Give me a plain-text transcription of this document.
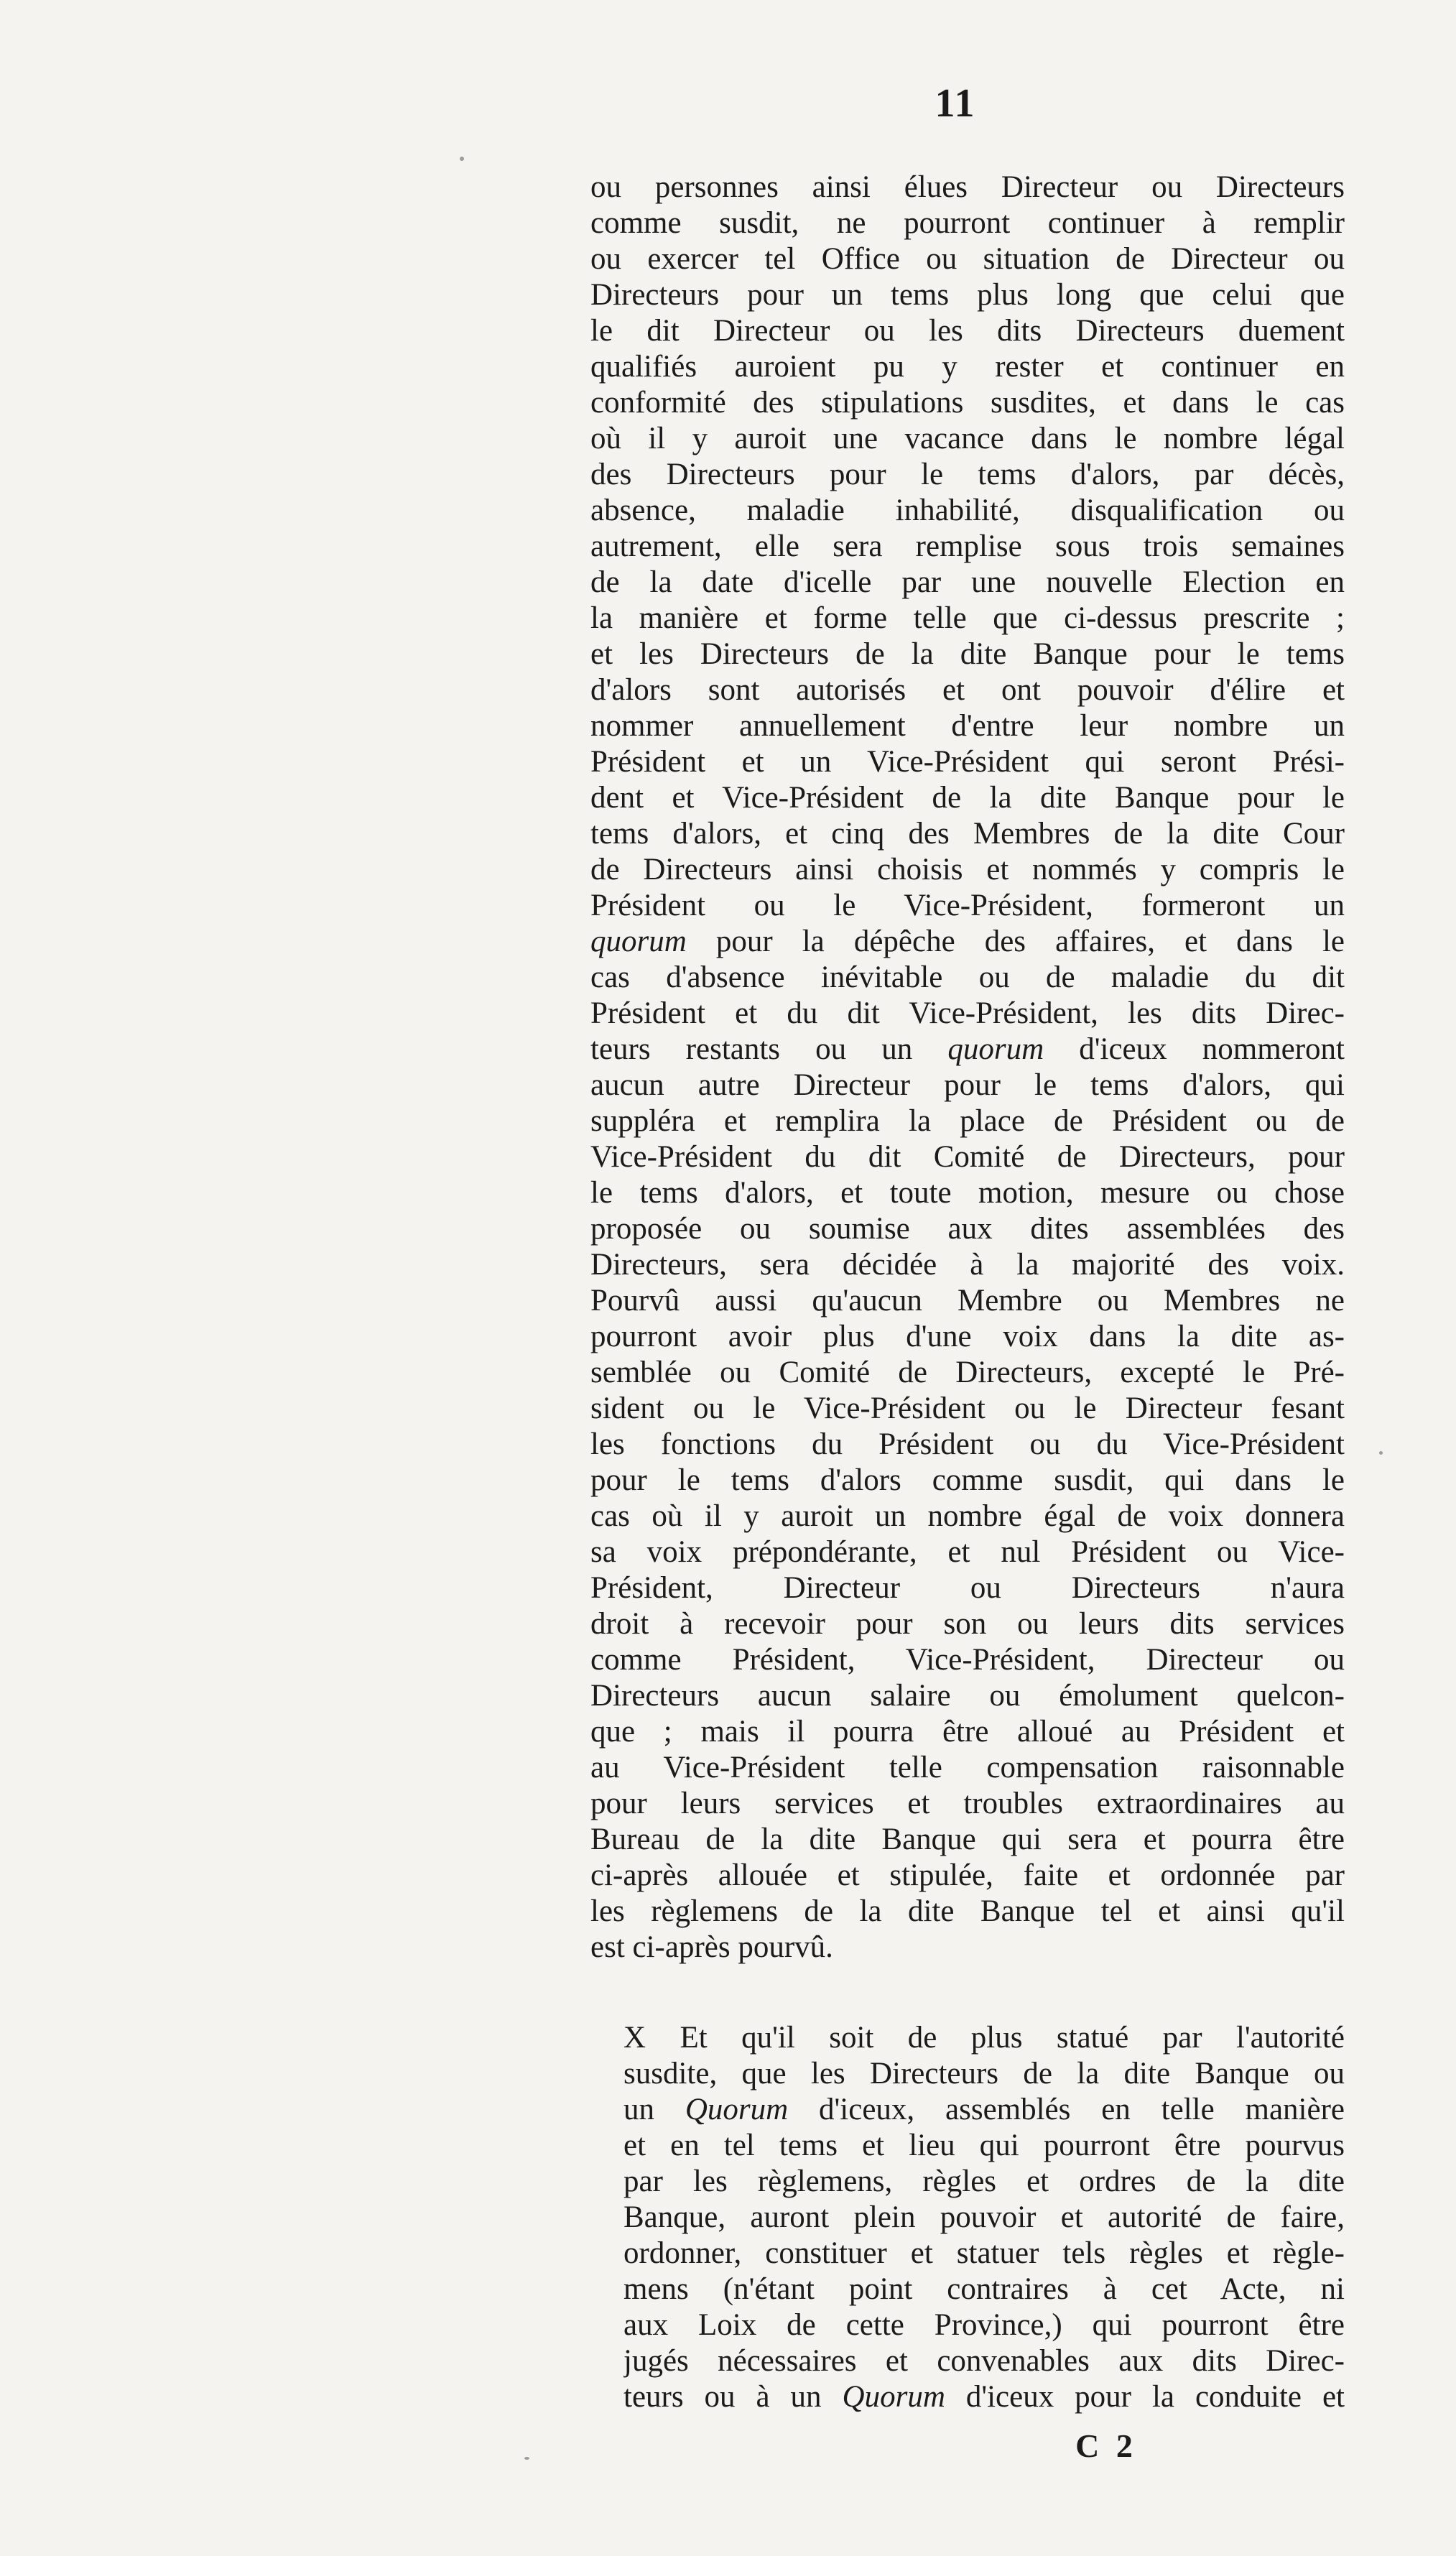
11
ou personnes ainsi élues Directeur ou Directeurs
comme susdit, ne pourront continuer à remplir
ou exercer tel Office ou situation de Directeur ou
Directeurs pour un tems plus long que celui que
le dit Directeur ou les dits Directeurs duement
qualifiés auroient pu y rester et continuer en
conformité des stipulations susdites, et dans le cas
où il y auroit une vacance dans le nombre légal
des Directeurs pour le tems d'alors, par décès,
absence, maladie inhabilité, disqualification ou
autrement, elle sera remplise sous trois semaines
de la date d'icelle par une nouvelle Election en
la manière et forme telle que ci-dessus prescrite ;
et les Directeurs de la dite Banque pour le tems
d'alors sont autorisés et ont pouvoir d'élire et
nommer annuellement d'entre leur nombre un
Président et un Vice-Président qui seront Prési-
dent et Vice-Président de la dite Banque pour le
tems d'alors, et cinq des Membres de la dite Cour
de Directeurs ainsi choisis et nommés y compris le
Président ou le Vice-Président, formeront un
quorum pour la dépêche des affaires, et dans le
cas d'absence inévitable ou de maladie du dit
Président et du dit Vice-Président, les dits Direc-
teurs restants ou un quorum d'iceux nommeront
aucun autre Directeur pour le tems d'alors, qui
suppléra et remplira la place de Président ou de
Vice-Président du dit Comité de Directeurs, pour
le tems d'alors, et toute motion, mesure ou chose
proposée ou soumise aux dites assemblées des
Directeurs, sera décidée à la majorité des voix.
Pourvû aussi qu'aucun Membre ou Membres ne
pourront avoir plus d'une voix dans la dite as-
semblée ou Comité de Directeurs, excepté le Pré-
sident ou le Vice-Président ou le Directeur fesant
les fonctions du Président ou du Vice-Président
pour le tems d'alors comme susdit, qui dans le
cas où il y auroit un nombre égal de voix donnera
sa voix prépondérante, et nul Président ou Vice-
Président, Directeur ou Directeurs n'aura
droit à recevoir pour son ou leurs dits services
comme Président, Vice-Président, Directeur ou
Directeurs aucun salaire ou émolument quelcon-
que ; mais il pourra être alloué au Président et
au Vice-Président telle compensation raisonnable
pour leurs services et troubles extraordinaires au
Bureau de la dite Banque qui sera et pourra être
ci-après allouée et stipulée, faite et ordonnée par
les règlemens de la dite Banque tel et ainsi qu'il
est ci-après pourvû.
X Et qu'il soit de plus statué par l'autorité
susdite, que les Directeurs de la dite Banque ou
un Quorum d'iceux, assemblés en telle manière
et en tel tems et lieu qui pourront être pourvus
par les règlemens, règles et ordres de la dite
Banque, auront plein pouvoir et autorité de faire,
ordonner, constituer et statuer tels règles et règle-
mens (n'étant point contraires à cet Acte, ni
aux Loix de cette Province,) qui pourront être
jugés nécessaires et convenables aux dits Direc-
teurs ou à un Quorum d'iceux pour la conduite et
C 2
